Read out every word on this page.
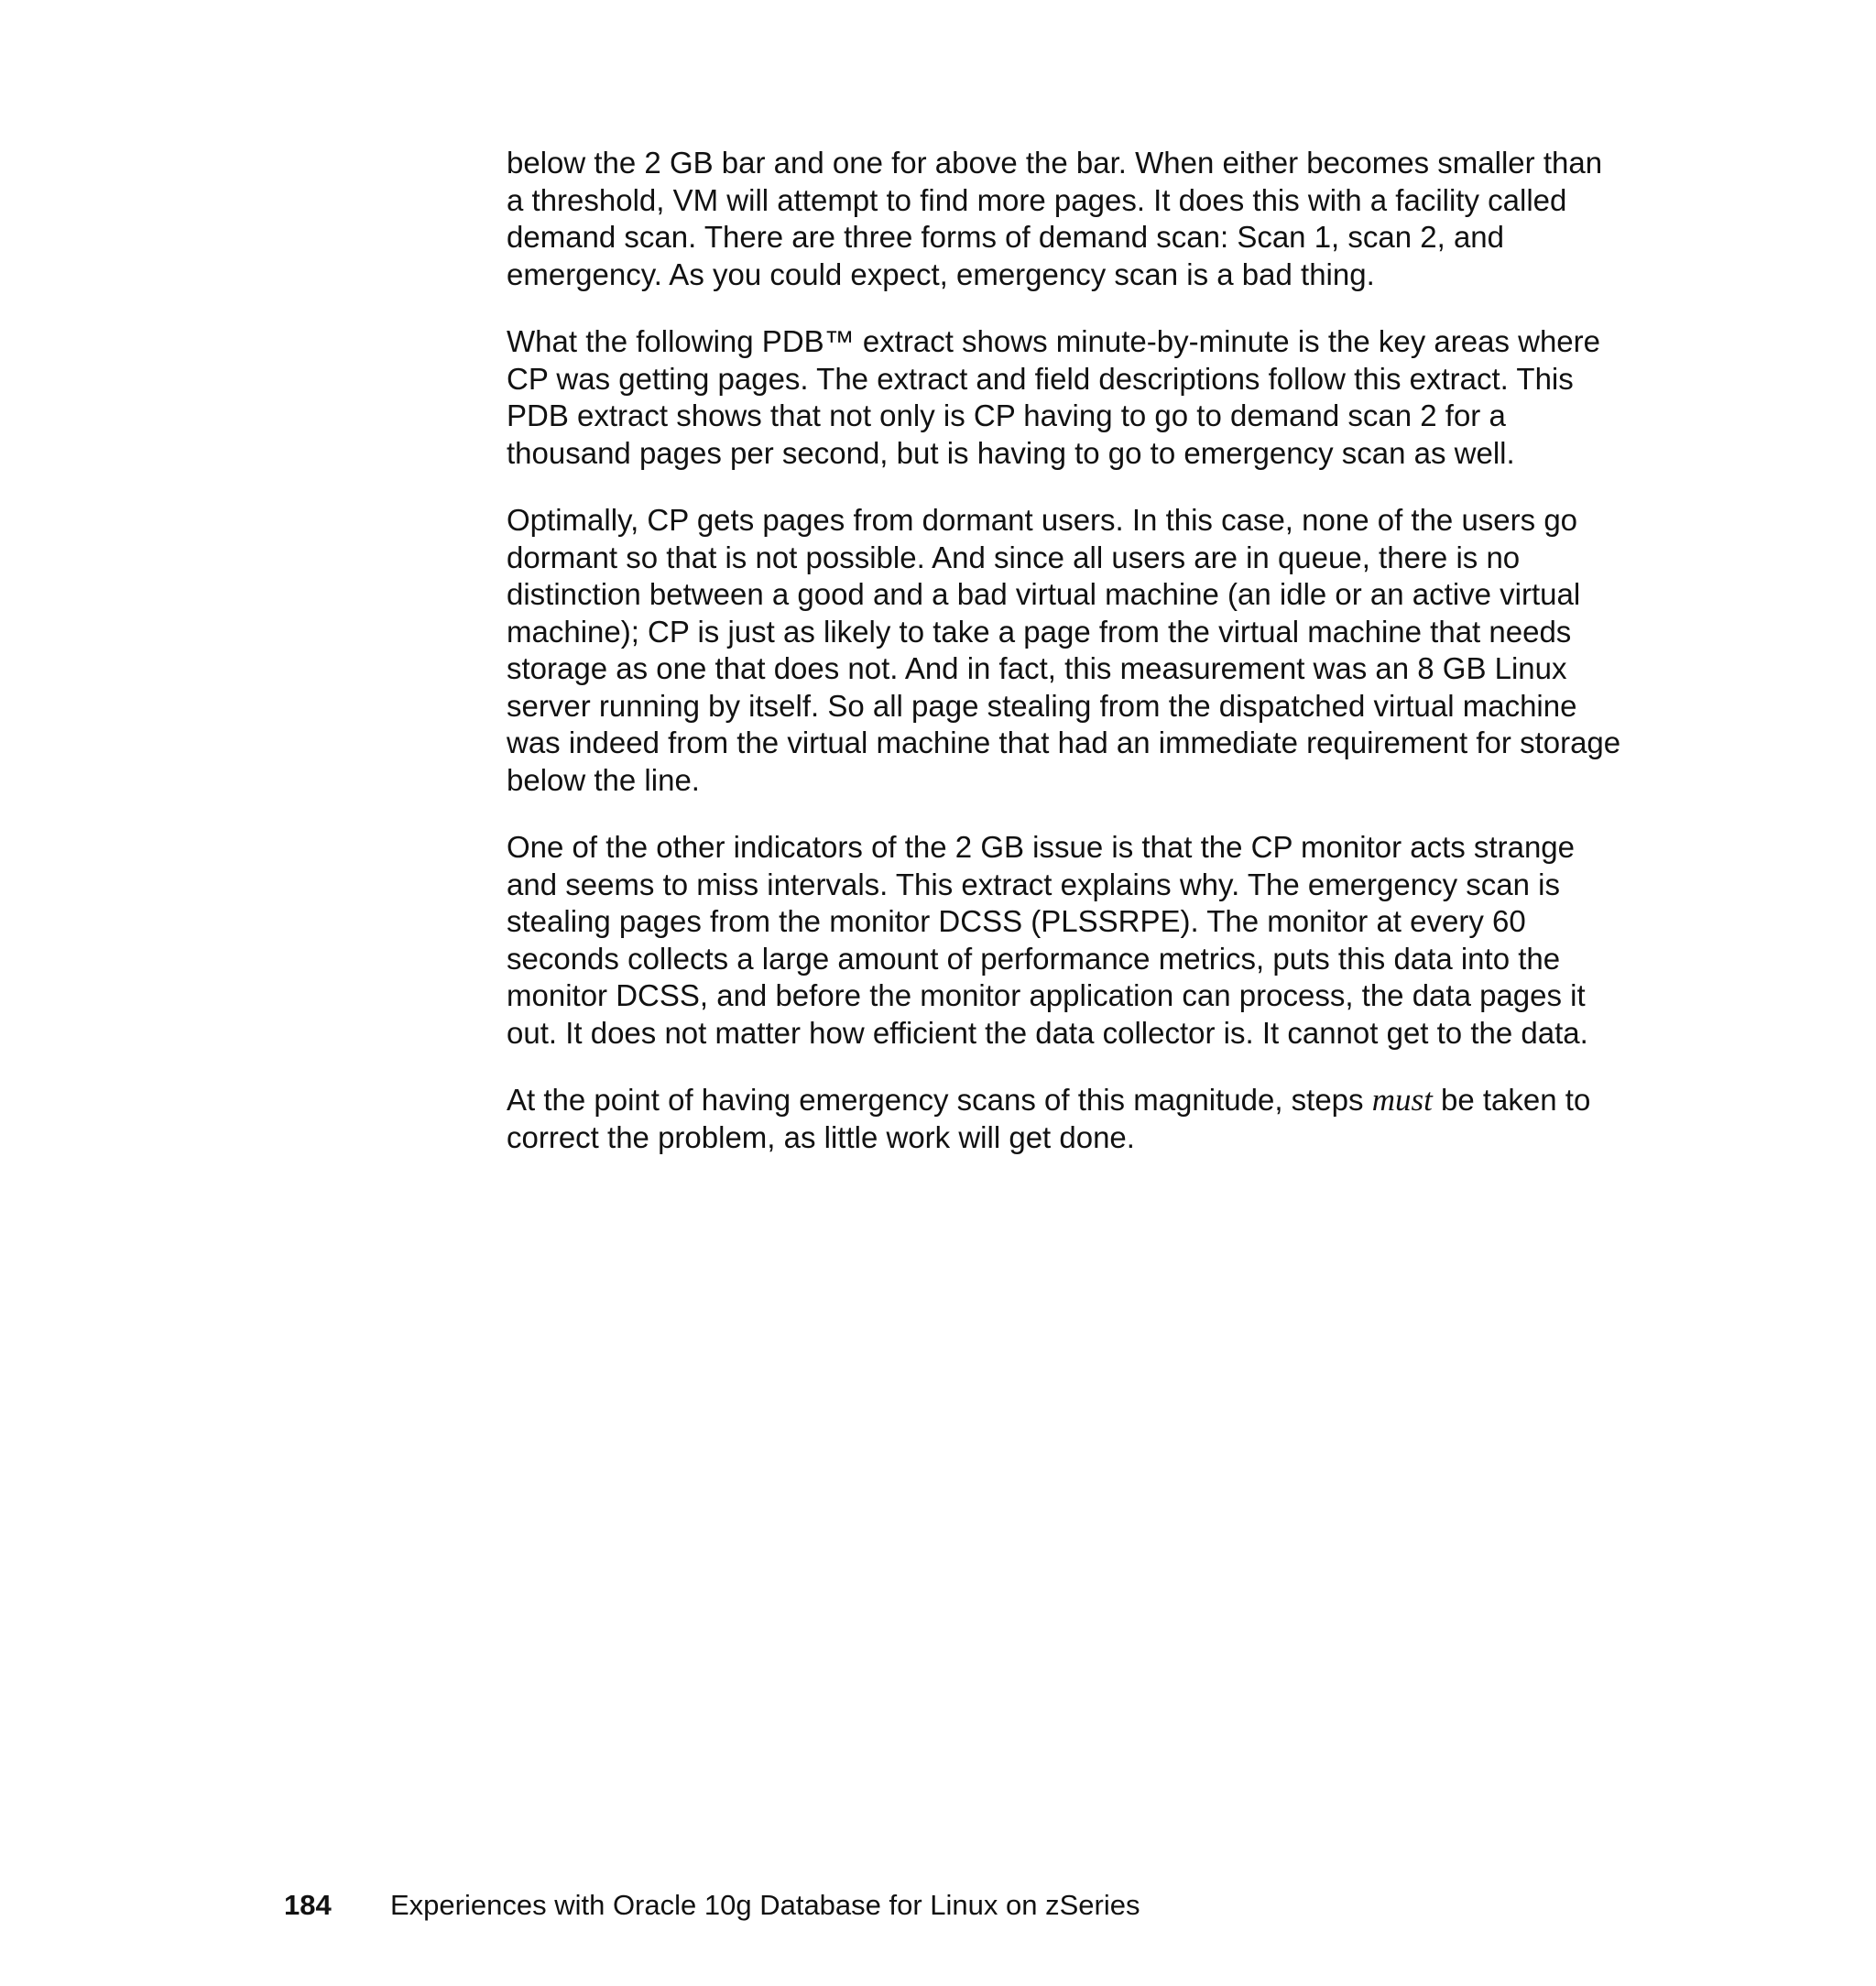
below the 2 GB bar and one for above the bar. When either becomes smaller than a threshold, VM will attempt to find more pages. It does this with a facility called demand scan. There are three forms of demand scan: Scan 1, scan 2, and emergency. As you could expect, emergency scan is a bad thing.

What the following PDB™ extract shows minute-by-minute is the key areas where CP was getting pages. The extract and field descriptions follow this extract. This PDB extract shows that not only is CP having to go to demand scan 2 for a thousand pages per second, but is having to go to emergency scan as well.

Optimally, CP gets pages from dormant users. In this case, none of the users go dormant so that is not possible. And since all users are in queue, there is no distinction between a good and a bad virtual machine (an idle or an active virtual machine); CP is just as likely to take a page from the virtual machine that needs storage as one that does not. And in fact, this measurement was an 8 GB Linux server running by itself. So all page stealing from the dispatched virtual machine was indeed from the virtual machine that had an immediate requirement for storage below the line.

One of the other indicators of the 2 GB issue is that the CP monitor acts strange and seems to miss intervals. This extract explains why. The emergency scan is stealing pages from the monitor DCSS (PLSSRPE). The monitor at every 60 seconds collects a large amount of performance metrics, puts this data into the monitor DCSS, and before the monitor application can process, the data pages it out. It does not matter how efficient the data collector is. It cannot get to the data.

At the point of having emergency scans of this magnitude, steps must be taken to correct the problem, as little work will get done.

184 Experiences with Oracle 10g Database for Linux on zSeries
